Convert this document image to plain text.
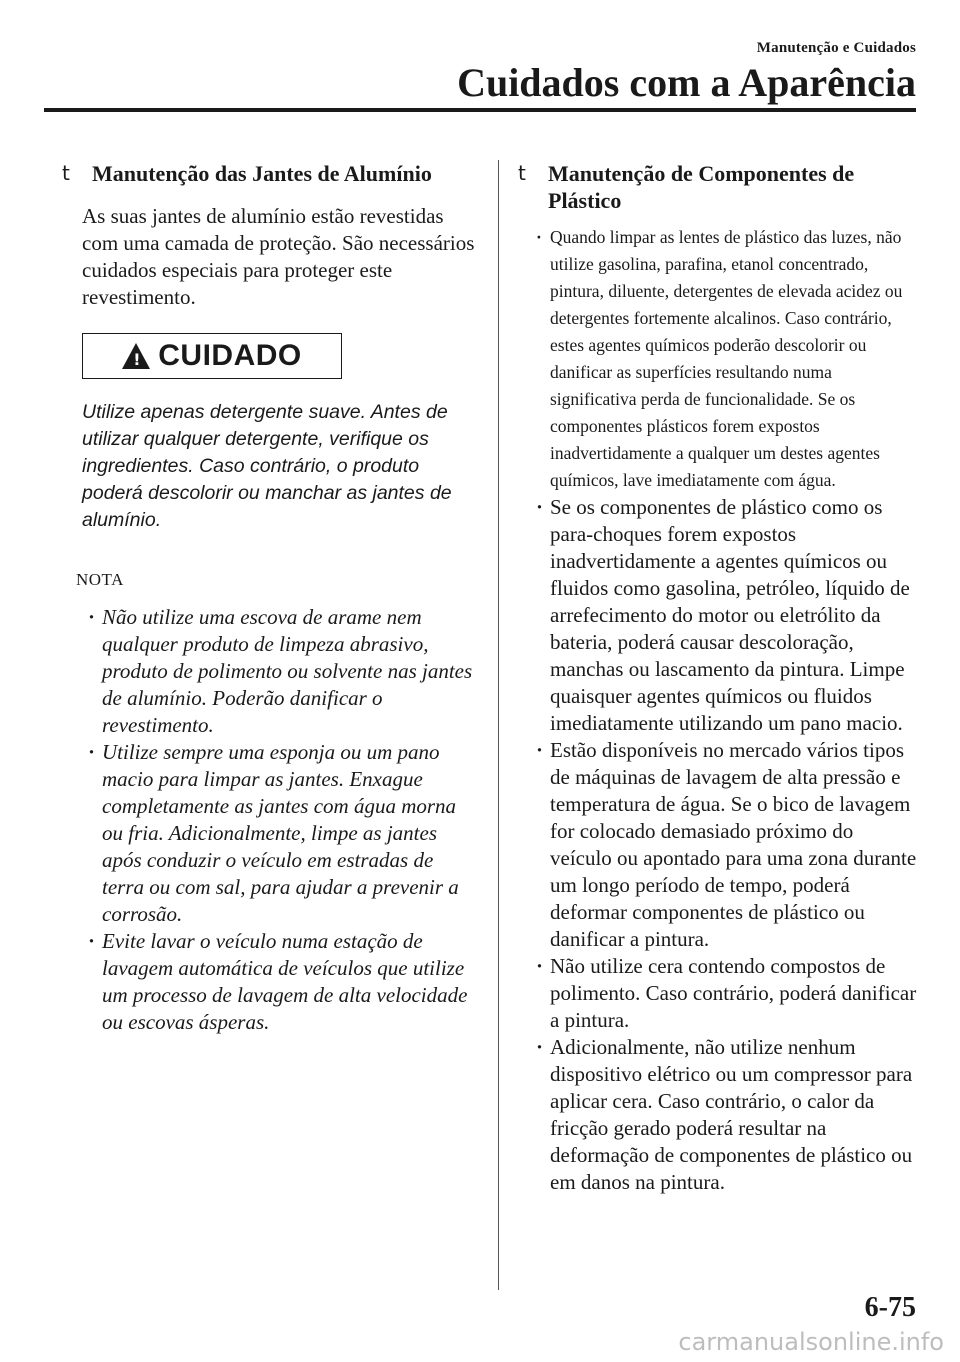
Manutenção e Cuidados
Cuidados com a Aparência
t	Manutenção das Jantes de Alumínio
As suas jantes de alumínio estão revestidas com uma camada de proteção. São necessários cuidados especiais para proteger este revestimento.
! CUIDADO
Utilize apenas detergente suave. Antes de utilizar qualquer detergente, verifique os ingredientes. Caso contrário, o produto poderá descolorir ou manchar as jantes de alumínio.
NOTA
· Não utilize uma escova de arame nem qualquer produto de limpeza abrasivo, produto de polimento ou solvente nas jantes de alumínio. Poderão danificar o revestimento.
· Utilize sempre uma esponja ou um pano macio para limpar as jantes. Enxague completamente as jantes com água morna ou fria. Adicionalmente, limpe as jantes após conduzir o veículo em estradas de terra ou com sal, para ajudar a prevenir a corrosão.
· Evite lavar o veículo numa estação de lavagem automática de veículos que utilize um processo de lavagem de alta velocidade ou escovas ásperas.
t	Manutenção de Componentes de Plástico
· Quando limpar as lentes de plástico das luzes, não utilize gasolina, parafina, etanol concentrado, pintura, diluente, detergentes de elevada acidez ou detergentes fortemente alcalinos. Caso contrário, estes agentes químicos poderão descolorir ou danificar as superfícies resultando numa significativa perda de funcionalidade. Se os componentes plásticos forem expostos inadvertidamente a qualquer um destes agentes químicos, lave imediatamente com água.
· Se os componentes de plástico como os para-choques forem expostos inadvertidamente a agentes químicos ou fluidos como gasolina, petróleo, líquido de arrefecimento do motor ou eletrólito da bateria, poderá causar descoloração, manchas ou lascamento da pintura. Limpe quaisquer agentes químicos ou fluidos imediatamente utilizando um pano macio.
· Estão disponíveis no mercado vários tipos de máquinas de lavagem de alta pressão e temperatura de água. Se o bico de lavagem for colocado demasiado próximo do veículo ou apontado para uma zona durante um longo período de tempo, poderá deformar componentes de plástico ou danificar a pintura.
· Não utilize cera contendo compostos de polimento. Caso contrário, poderá danificar a pintura.
· Adicionalmente, não utilize nenhum dispositivo elétrico ou um compressor para aplicar cera. Caso contrário, o calor da fricção gerado poderá resultar na deformação de componentes de plástico ou em danos na pintura.
6-75
carmanualsonline.info
